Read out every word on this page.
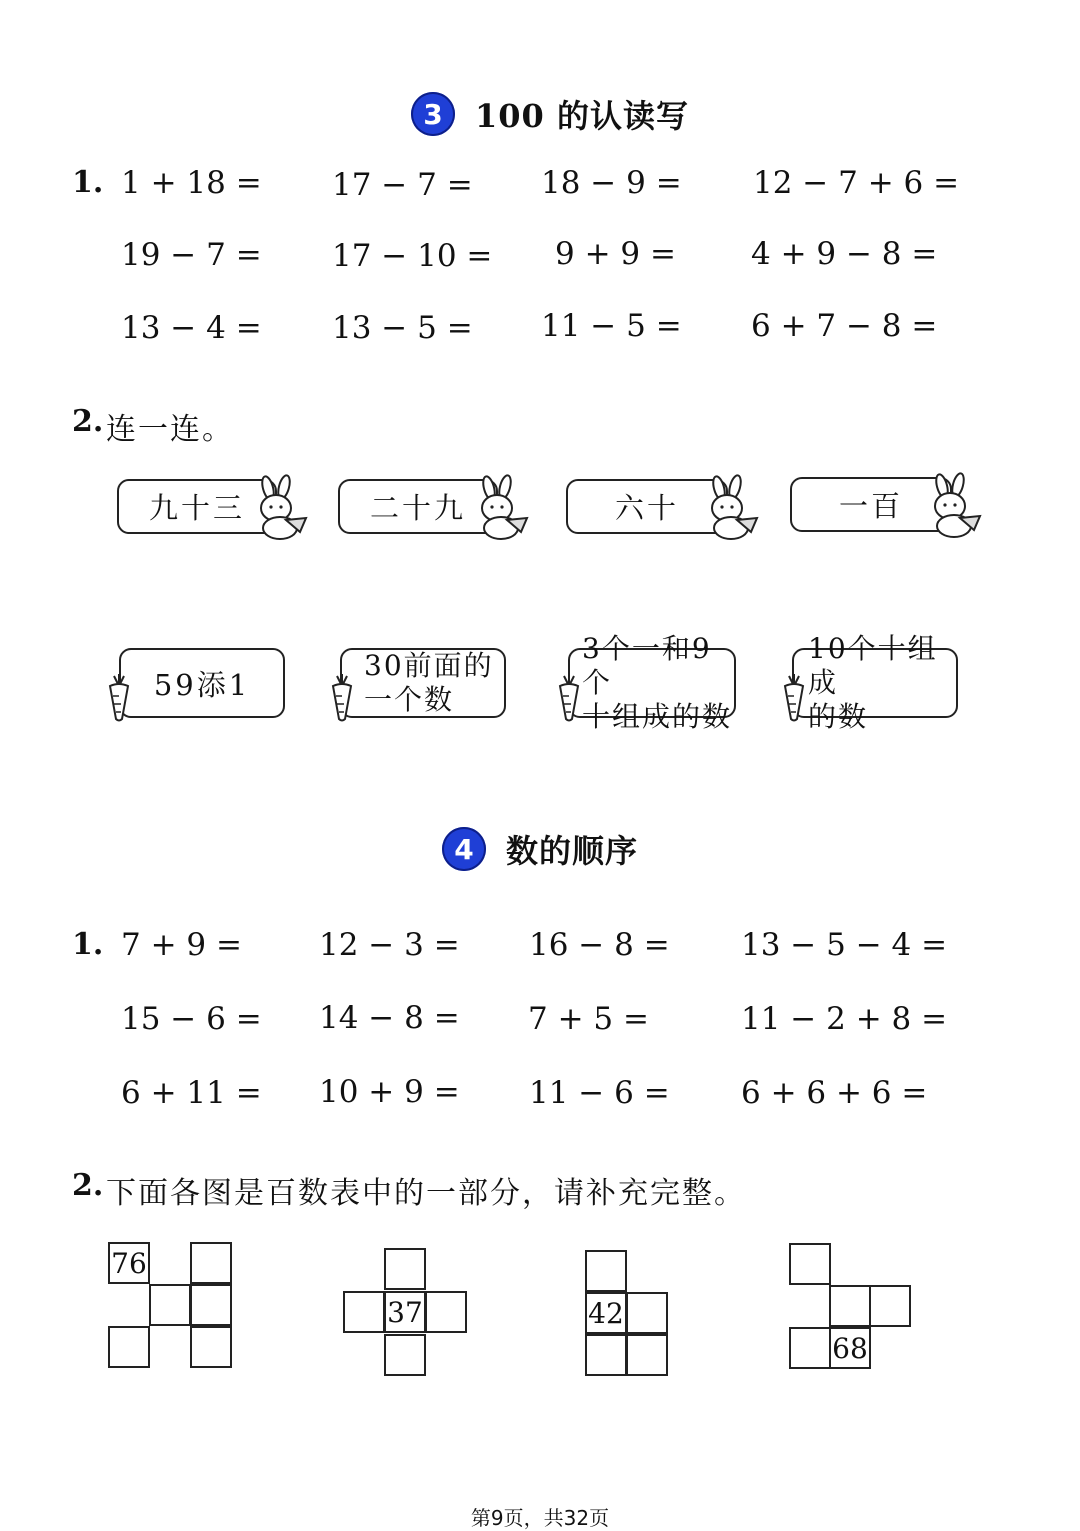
3	100 的认读写
1. 1 + 18 = 17 − 7 = 18 − 9 = 12 − 7 + 6 =
19 − 7 = 17 − 10 = 9 + 9 = 4 + 9 − 8 =
13 − 4 = 13 − 5 = 11 − 5 = 6 + 7 − 8 =
2. 连一连。
九十三	二十九	六十	一百
59添1
30前面的
一个数
3个一和9个
十组成的数
10个十组成
的数
4	数的顺序
1. 7 + 9 = 12 − 3 = 16 − 8 = 13 − 5 − 4 =
15 − 6 = 14 − 8 = 7 + 5 =	11 − 2 + 8 =
6 + 11 = 10 + 9 = 11 − 6 = 6 + 6 + 6 =
2. 下面各图是百数表中的一部分，请补充完整。
76
37	42
68
第9页，共32页
